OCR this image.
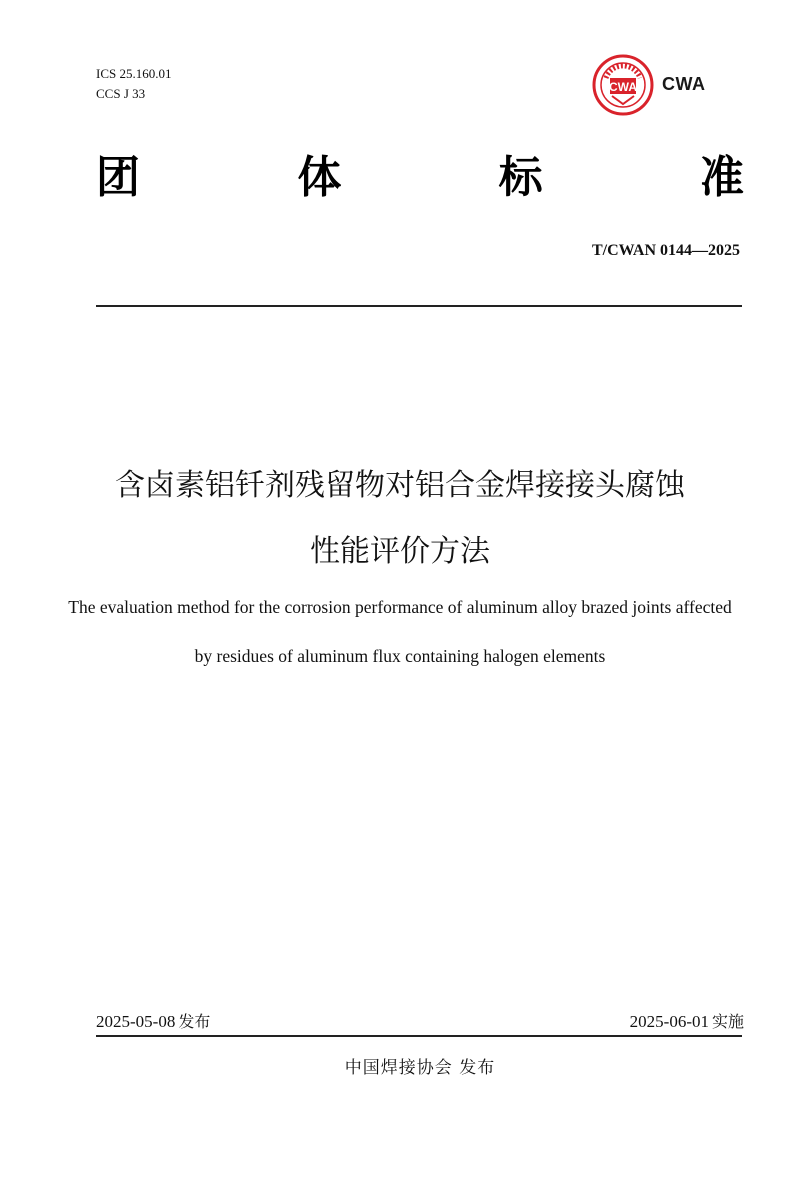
ICS 25.160.01
CCS J 33	CWA CWA
团	体	标	准
T/CWAN 0144—2025
含卤素铝钎剂残留物对铝合金焊接接头腐蚀
性能评价方法
The evaluation method for the corrosion performance of aluminum alloy brazed joints affected
by residues of aluminum flux containing halogen elements
2025-05-08 发布	2025-06-01 实施
中国焊接协会 发布
